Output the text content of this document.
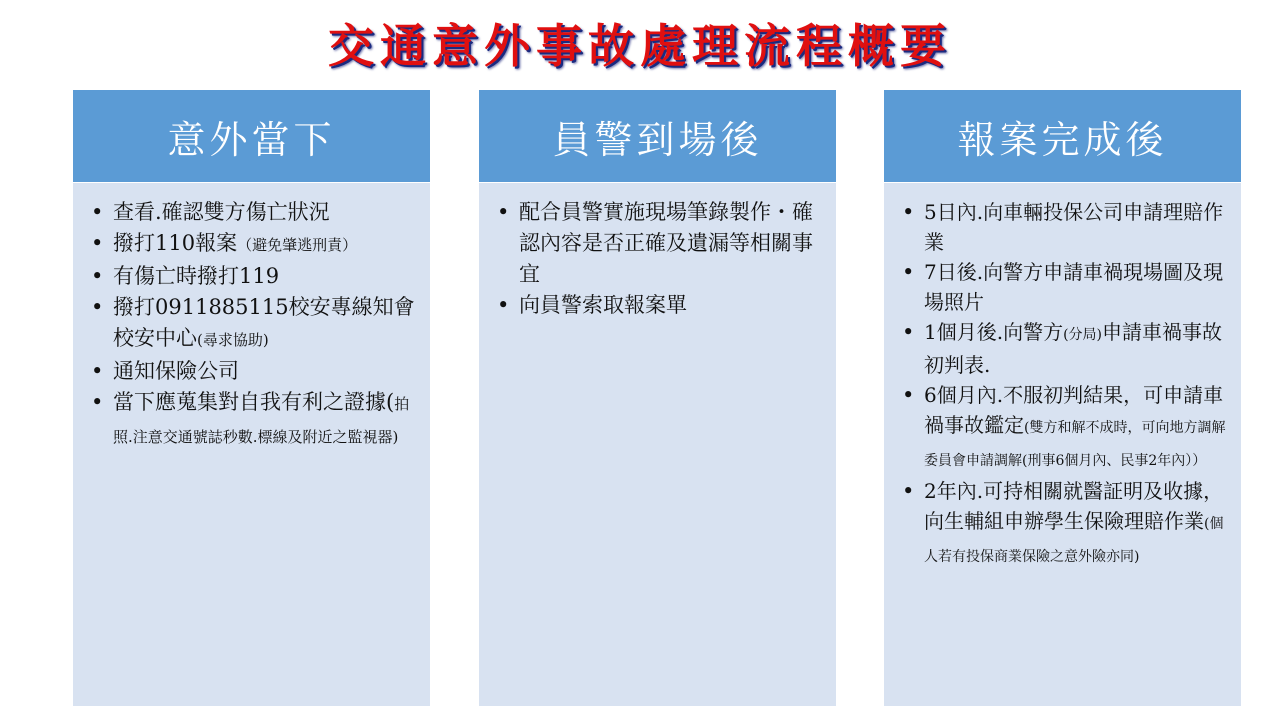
交通意外事故處理流程概要
意外當下

• 查看.確認雙方傷亡狀況

• 撥打110報案（避免肇逃刑責）

• 有傷亡時撥打119

• 撥打0911885115校安專線知會校安中心(尋求協助)

• 通知保險公司

• 當下應蒐集對自我有利之證據(拍照.注意交通號誌秒數.標線及附近之監視器)

員警到場後

• 配合員警實施現場筆錄製作・確認內容是否正確及遺漏等相關事宜

• 向員警索取報案單

報案完成後

• 5日內.向車輛投保公司申請理賠作業

• 7日後.向警方申請車禍現場圖及現場照片

• 1個月後.向警方(分局)申請車禍事故初判表.

• 6個月內.不服初判結果，可申請車禍事故鑑定(雙方和解不成時，可向地方調解委員會申請調解(刑事6個月內、民事2年內））

• 2年內.可持相關就醫証明及收據，向生輔組申辦學生保險理賠作業(個人若有投保商業保險之意外險亦同)
